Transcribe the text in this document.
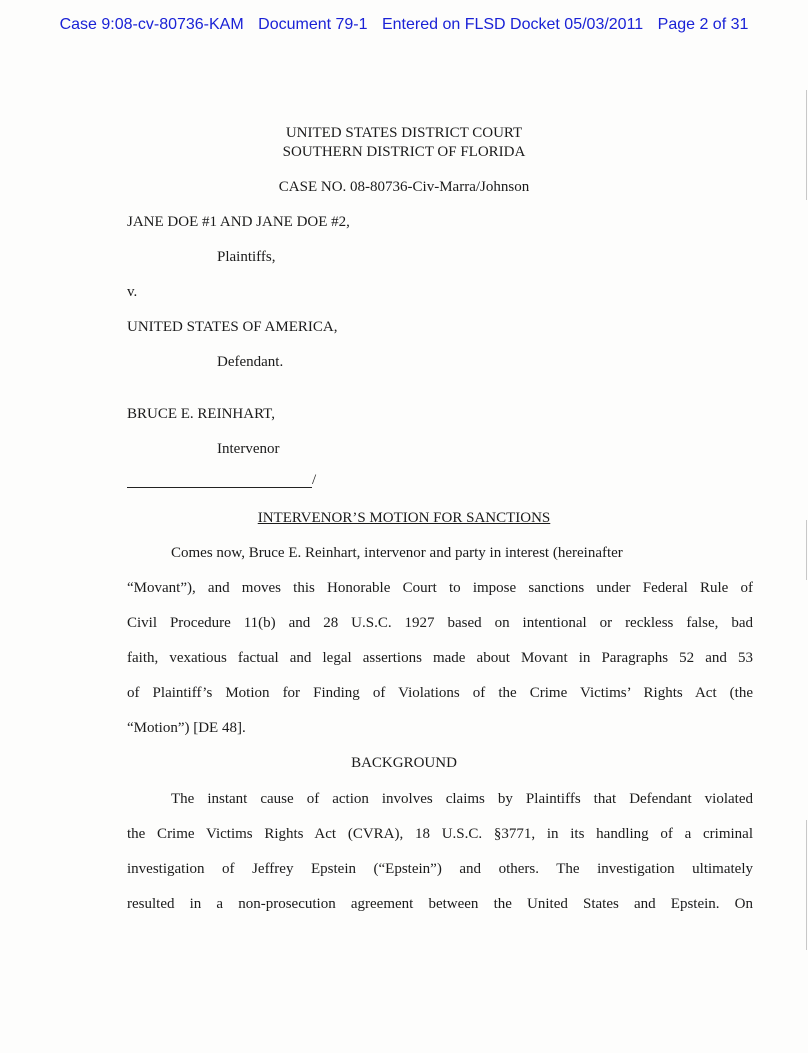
Case 9:08-cv-80736-KAM Document 79-1 Entered on FLSD Docket 05/03/2011 Page 2 of 31
UNITED STATES DISTRICT COURT
SOUTHERN DISTRICT OF FLORIDA
CASE NO. 08-80736-Civ-Marra/Johnson
JANE DOE #1 AND JANE DOE #2,
Plaintiffs,
v.
UNITED STATES OF AMERICA,
Defendant.
BRUCE E. REINHART,
Intervenor
/
INTERVENOR’S MOTION FOR SANCTIONS
Comes now, Bruce E. Reinhart, intervenor and party in interest (hereinafter
“Movant”), and moves this Honorable Court to impose sanctions under Federal Rule of
Civil Procedure 11(b) and 28 U.S.C. 1927 based on intentional or reckless false, bad
faith, vexatious factual and legal assertions made about Movant in Paragraphs 52 and 53
of Plaintiff’s Motion for Finding of Violations of the Crime Victims’ Rights Act (the
“Motion”) [DE 48].
BACKGROUND
The instant cause of action involves claims by Plaintiffs that Defendant violated
the Crime Victims Rights Act (CVRA), 18 U.S.C. §3771, in its handling of a criminal
investigation of Jeffrey Epstein (“Epstein”) and others. The investigation ultimately
resulted in a non-prosecution agreement between the United States and Epstein. On
